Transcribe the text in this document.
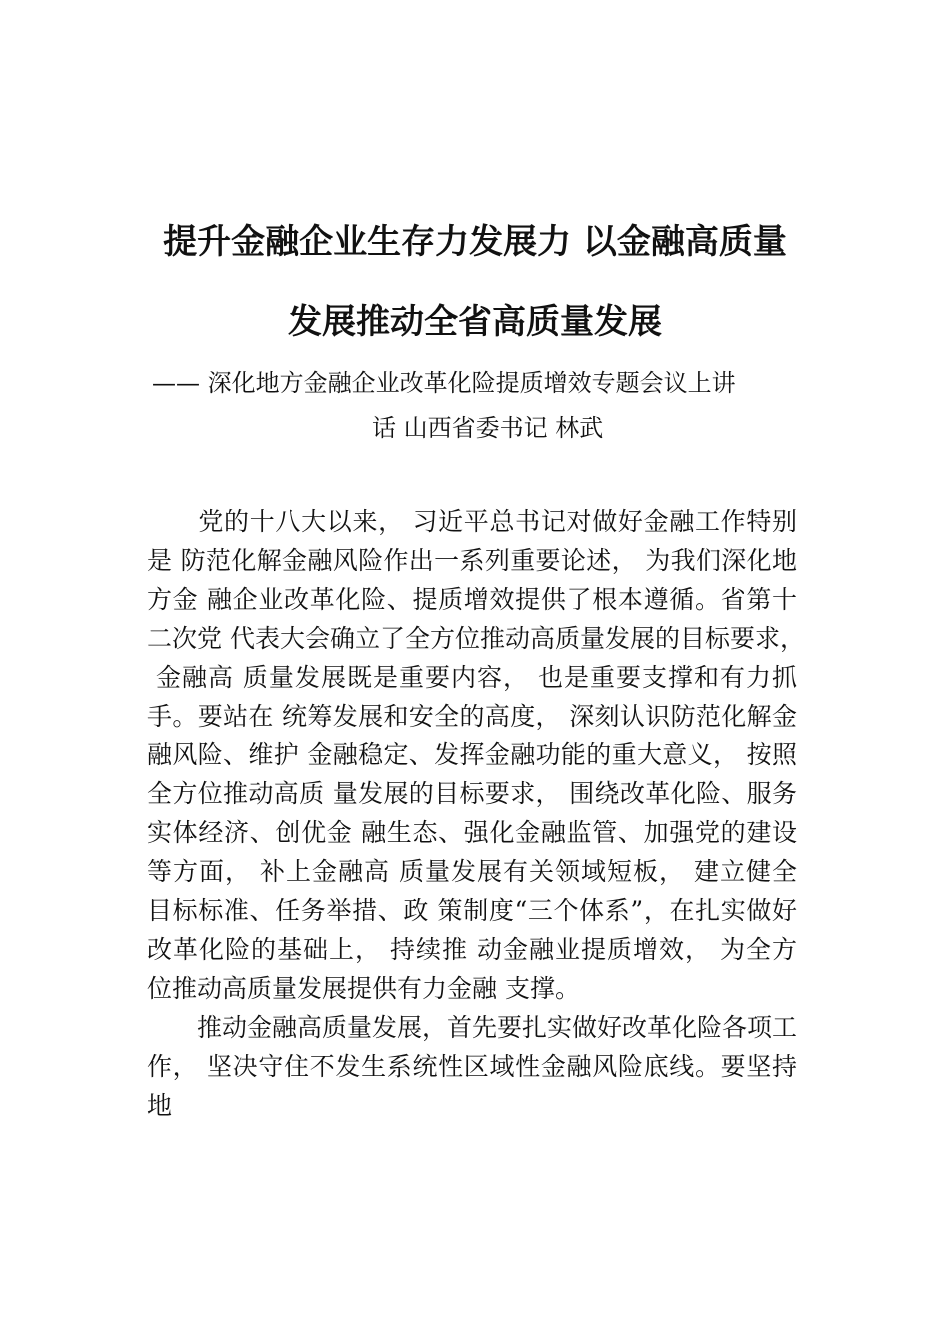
提升金融企业生存力发展力 以金融高质量
发展推动全省高质量发展
—— 深化地方金融企业改革化险提质增效专题会议上讲
话 山西省委书记 林武
　　党的十八大以来， 习近平总书记对做好金融工作特别
是 防范化解金融风险作出一系列重要论述， 为我们深化地
方金 融企业改革化险、提质增效提供了根本遵循。省第十
二次党 代表大会确立了全方位推动高质量发展的目标要求，
金融高 质量发展既是重要内容， 也是重要支撑和有力抓
手。要站在 统筹发展和安全的高度， 深刻认识防范化解金
融风险、维护 金融稳定、发挥金融功能的重大意义， 按照
全方位推动高质 量发展的目标要求， 围绕改革化险、服务
实体经济、创优金 融生态、强化金融监管、加强党的建设
等方面， 补上金融高 质量发展有关领域短板， 建立健全
目标标准、任务举措、政 策制度“三个体系”，在扎实做好
改革化险的基础上， 持续推 动金融业提质增效， 为全方
位推动高质量发展提供有力金融 支撑。
　　推动金融高质量发展，首先要扎实做好改革化险各项工
作， 坚决守住不发生系统性区域性金融风险底线。要坚持
地
